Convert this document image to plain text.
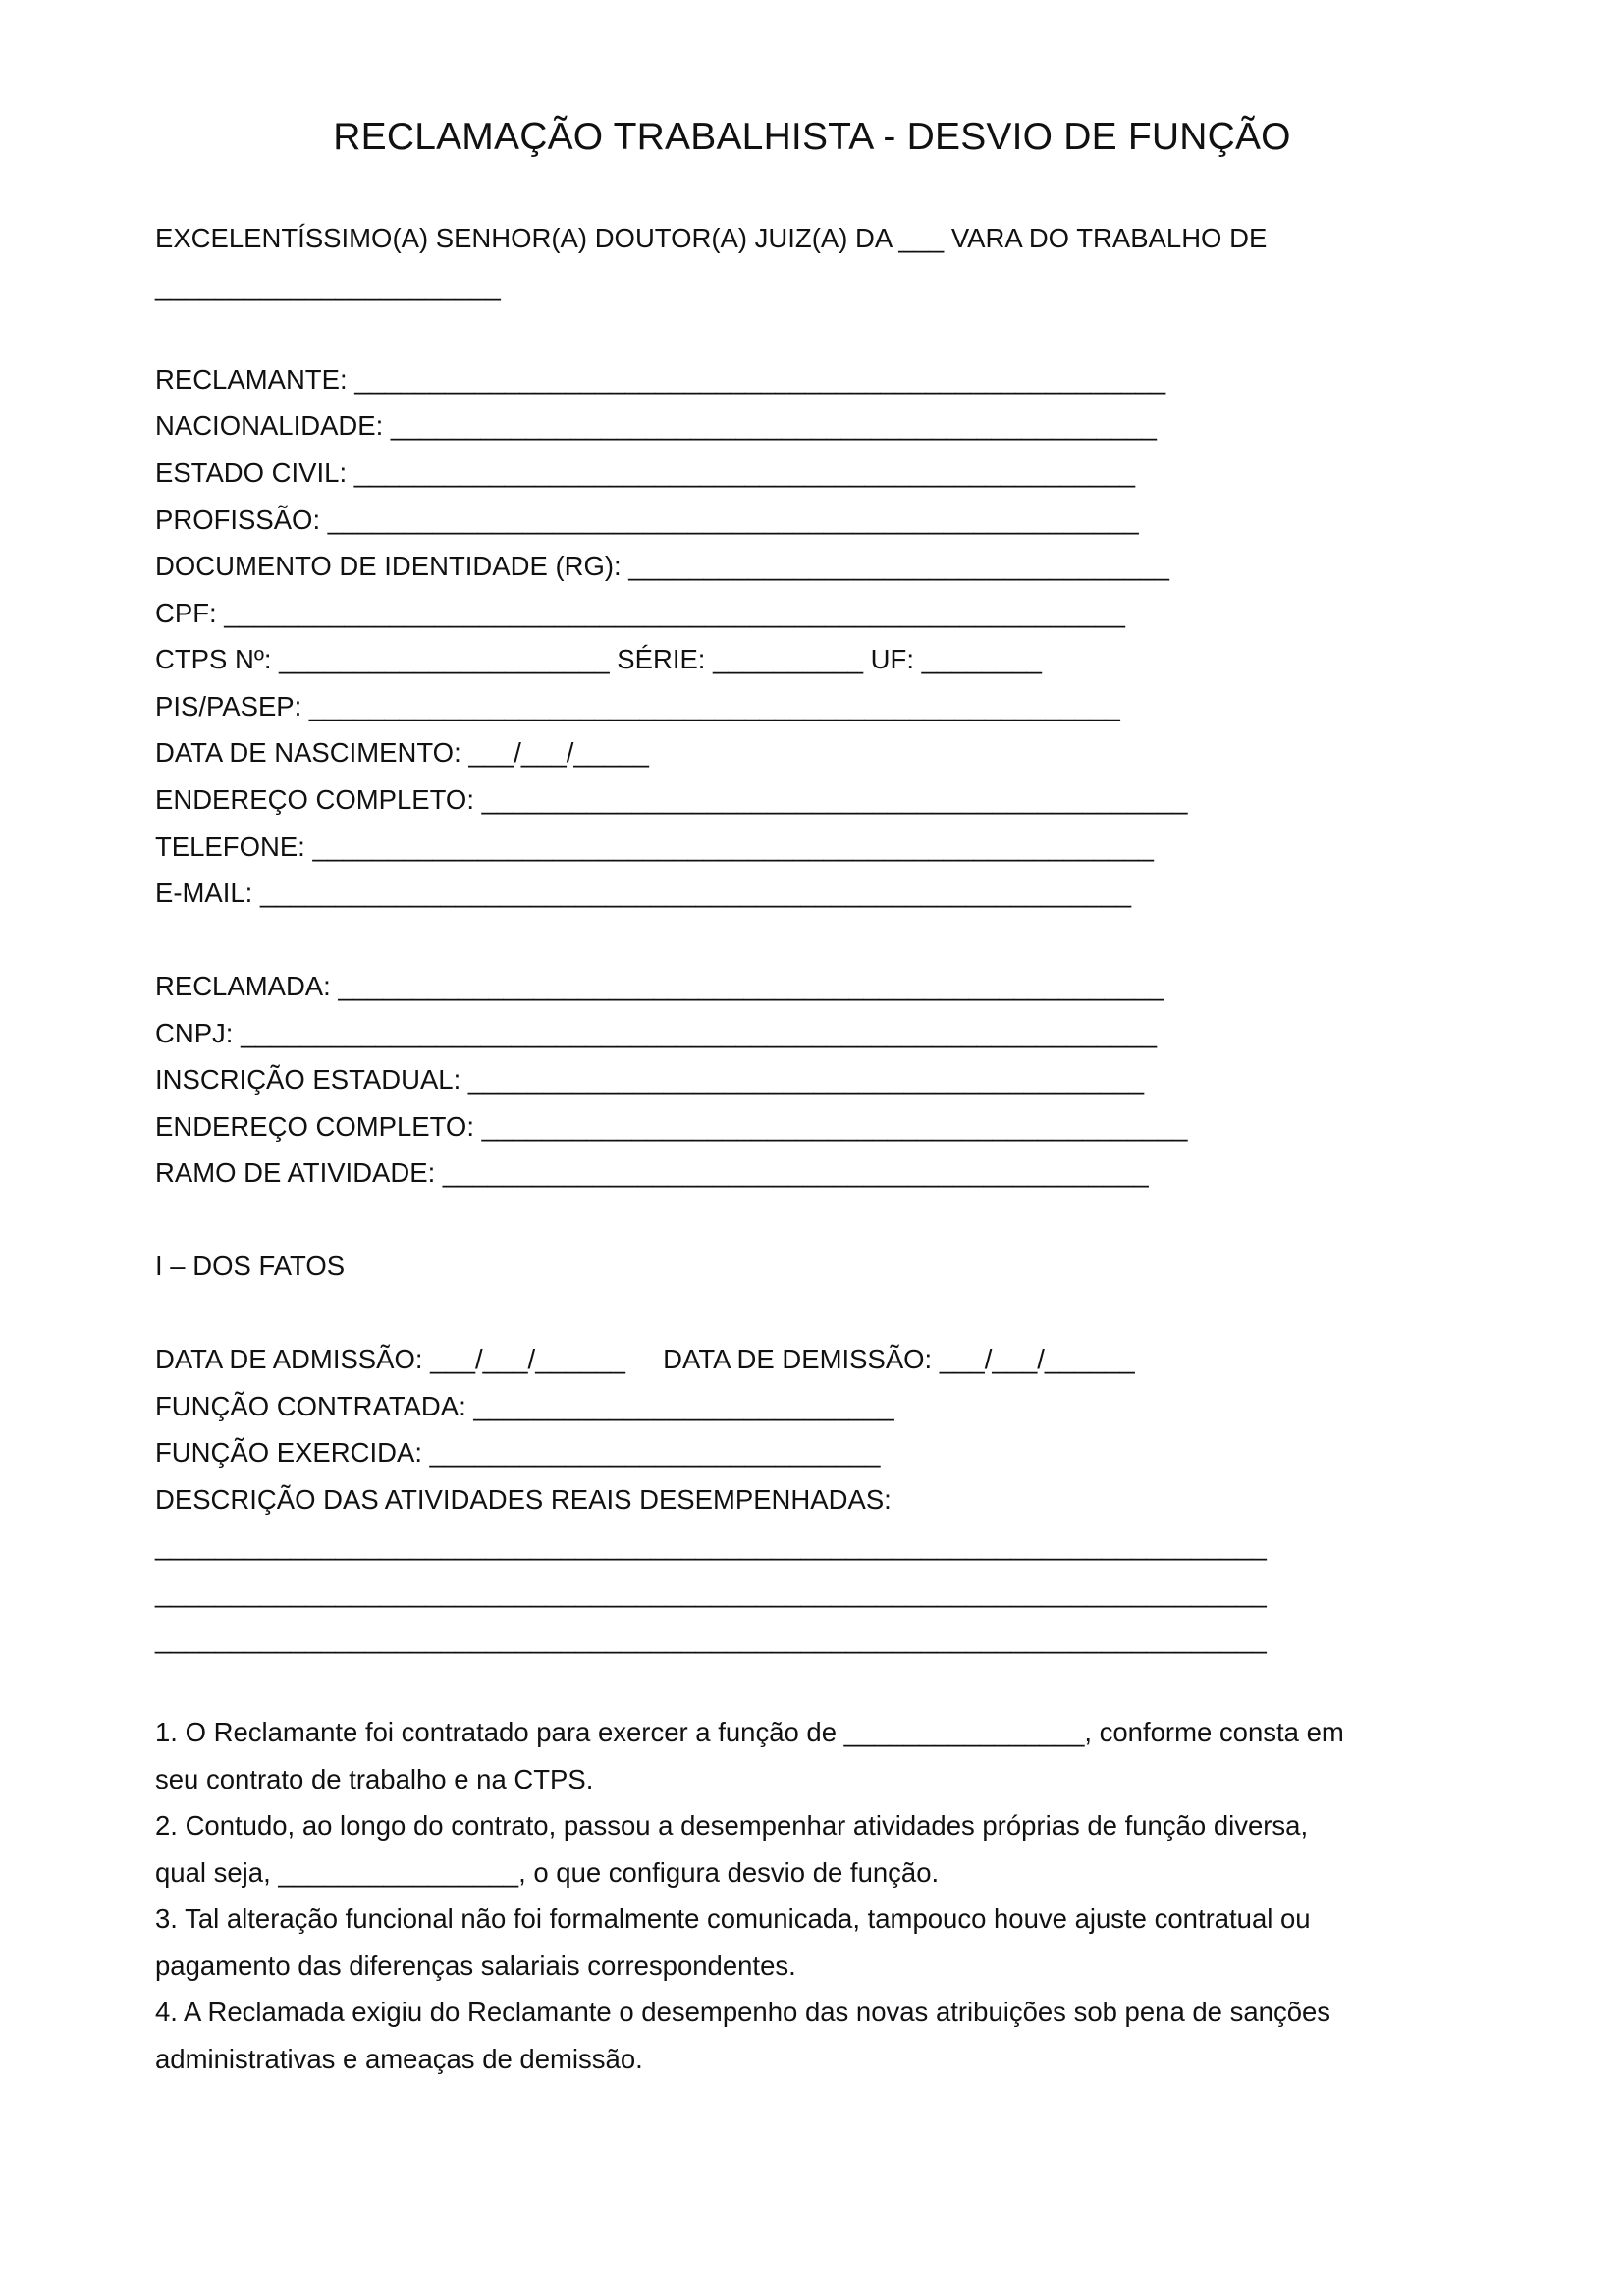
RECLAMAÇÃO TRABALHISTA - DESVIO DE FUNÇÃO
EXCELENTÍSSIMO(A) SENHOR(A) DOUTOR(A) JUIZ(A) DA ___ VARA DO TRABALHO DE
_______________________
RECLAMANTE: ______________________________________________________
NACIONALIDADE: ___________________________________________________
ESTADO CIVIL: ____________________________________________________
PROFISSÃO: ______________________________________________________
DOCUMENTO DE IDENTIDADE (RG): ____________________________________
CPF: ____________________________________________________________
CTPS Nº: ______________________ SÉRIE: __________ UF: ________
PIS/PASEP: ______________________________________________________
DATA DE NASCIMENTO: ___/___/_____
ENDEREÇO COMPLETO: _______________________________________________
TELEFONE: ________________________________________________________
E-MAIL: __________________________________________________________
RECLAMADA: _______________________________________________________
CNPJ: _____________________________________________________________
INSCRIÇÃO ESTADUAL: _____________________________________________
ENDEREÇO COMPLETO: _______________________________________________
RAMO DE ATIVIDADE: _______________________________________________
I – DOS FATOS
DATA DE ADMISSÃO: ___/___/______     DATA DE DEMISSÃO: ___/___/______
FUNÇÃO CONTRATADA: ____________________________
FUNÇÃO EXERCIDA: ______________________________
DESCRIÇÃO DAS ATIVIDADES REAIS DESEMPENHADAS:
__________________________________________________________________________
__________________________________________________________________________
__________________________________________________________________________
1. O Reclamante foi contratado para exercer a função de ________________, conforme consta em
seu contrato de trabalho e na CTPS.
2. Contudo, ao longo do contrato, passou a desempenhar atividades próprias de função diversa,
qual seja, ________________, o que configura desvio de função.
3. Tal alteração funcional não foi formalmente comunicada, tampouco houve ajuste contratual ou
pagamento das diferenças salariais correspondentes.
4. A Reclamada exigiu do Reclamante o desempenho das novas atribuições sob pena de sanções
administrativas e ameaças de demissão.
